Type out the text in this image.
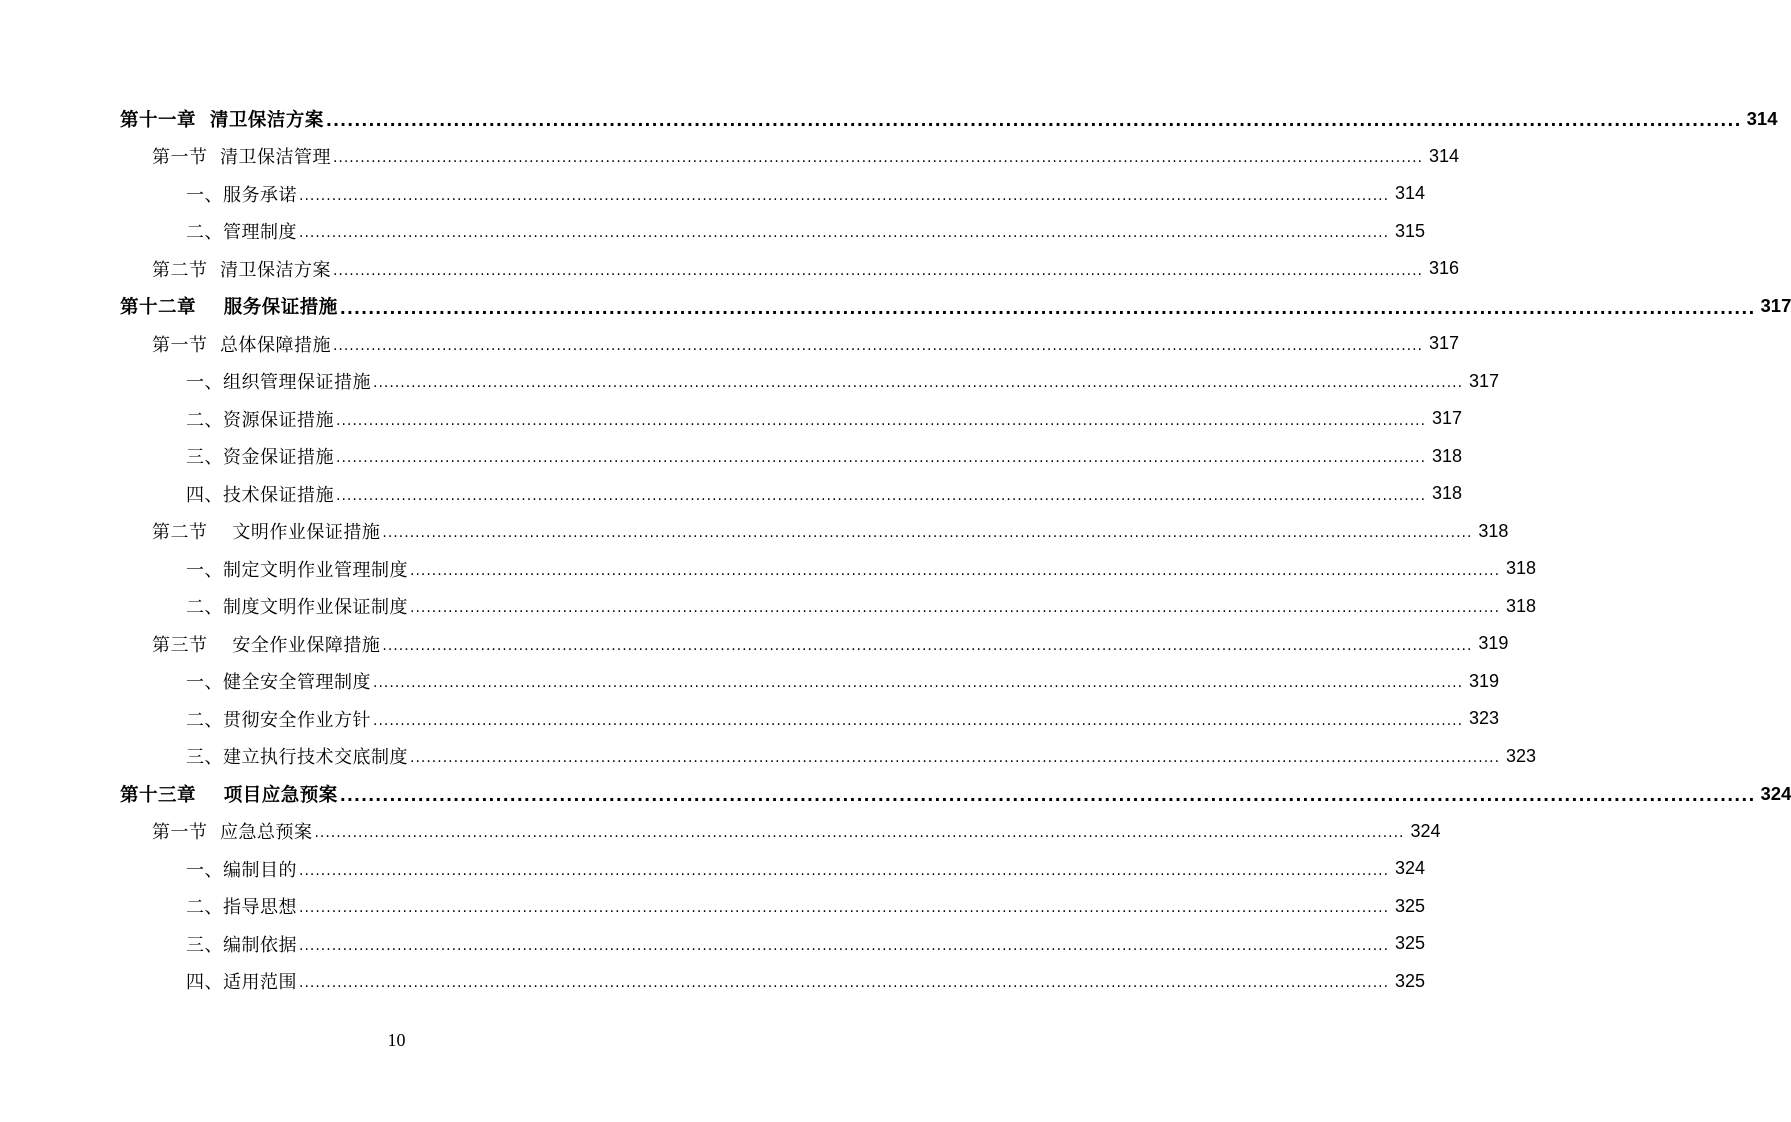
第十一章  清卫保洁方案 ........................................................................................................................................................................................................ 314
第一节  清卫保洁管理 ........................................................................................................................................................................................................ 314
一、服务承诺 ........................................................................................................................................................................................................ 314
二、管理制度 ........................................................................................................................................................................................................ 315
第二节  清卫保洁方案 ........................................................................................................................................................................................................ 316
第十二章    服务保证措施 ........................................................................................................................................................................................................ 317
第一节  总体保障措施 ........................................................................................................................................................................................................ 317
一、组织管理保证措施 ........................................................................................................................................................................................................ 317
二、资源保证措施 ........................................................................................................................................................................................................ 317
三、资金保证措施 ........................................................................................................................................................................................................ 318
四、技术保证措施 ........................................................................................................................................................................................................ 318
第二节    文明作业保证措施 ........................................................................................................................................................................................................ 318
一、制定文明作业管理制度 ........................................................................................................................................................................................................ 318
二、制度文明作业保证制度 ........................................................................................................................................................................................................ 318
第三节    安全作业保障措施 ........................................................................................................................................................................................................ 319
一、健全安全管理制度 ........................................................................................................................................................................................................ 319
二、贯彻安全作业方针 ........................................................................................................................................................................................................ 323
三、建立执行技术交底制度 ........................................................................................................................................................................................................ 323
第十三章    项目应急预案 ........................................................................................................................................................................................................ 324
第一节  应急总预案 ........................................................................................................................................................................................................ 324
一、编制目的 ........................................................................................................................................................................................................ 324
二、指导思想 ........................................................................................................................................................................................................ 325
三、编制依据 ........................................................................................................................................................................................................ 325
四、适用范围 ........................................................................................................................................................................................................ 325
10
